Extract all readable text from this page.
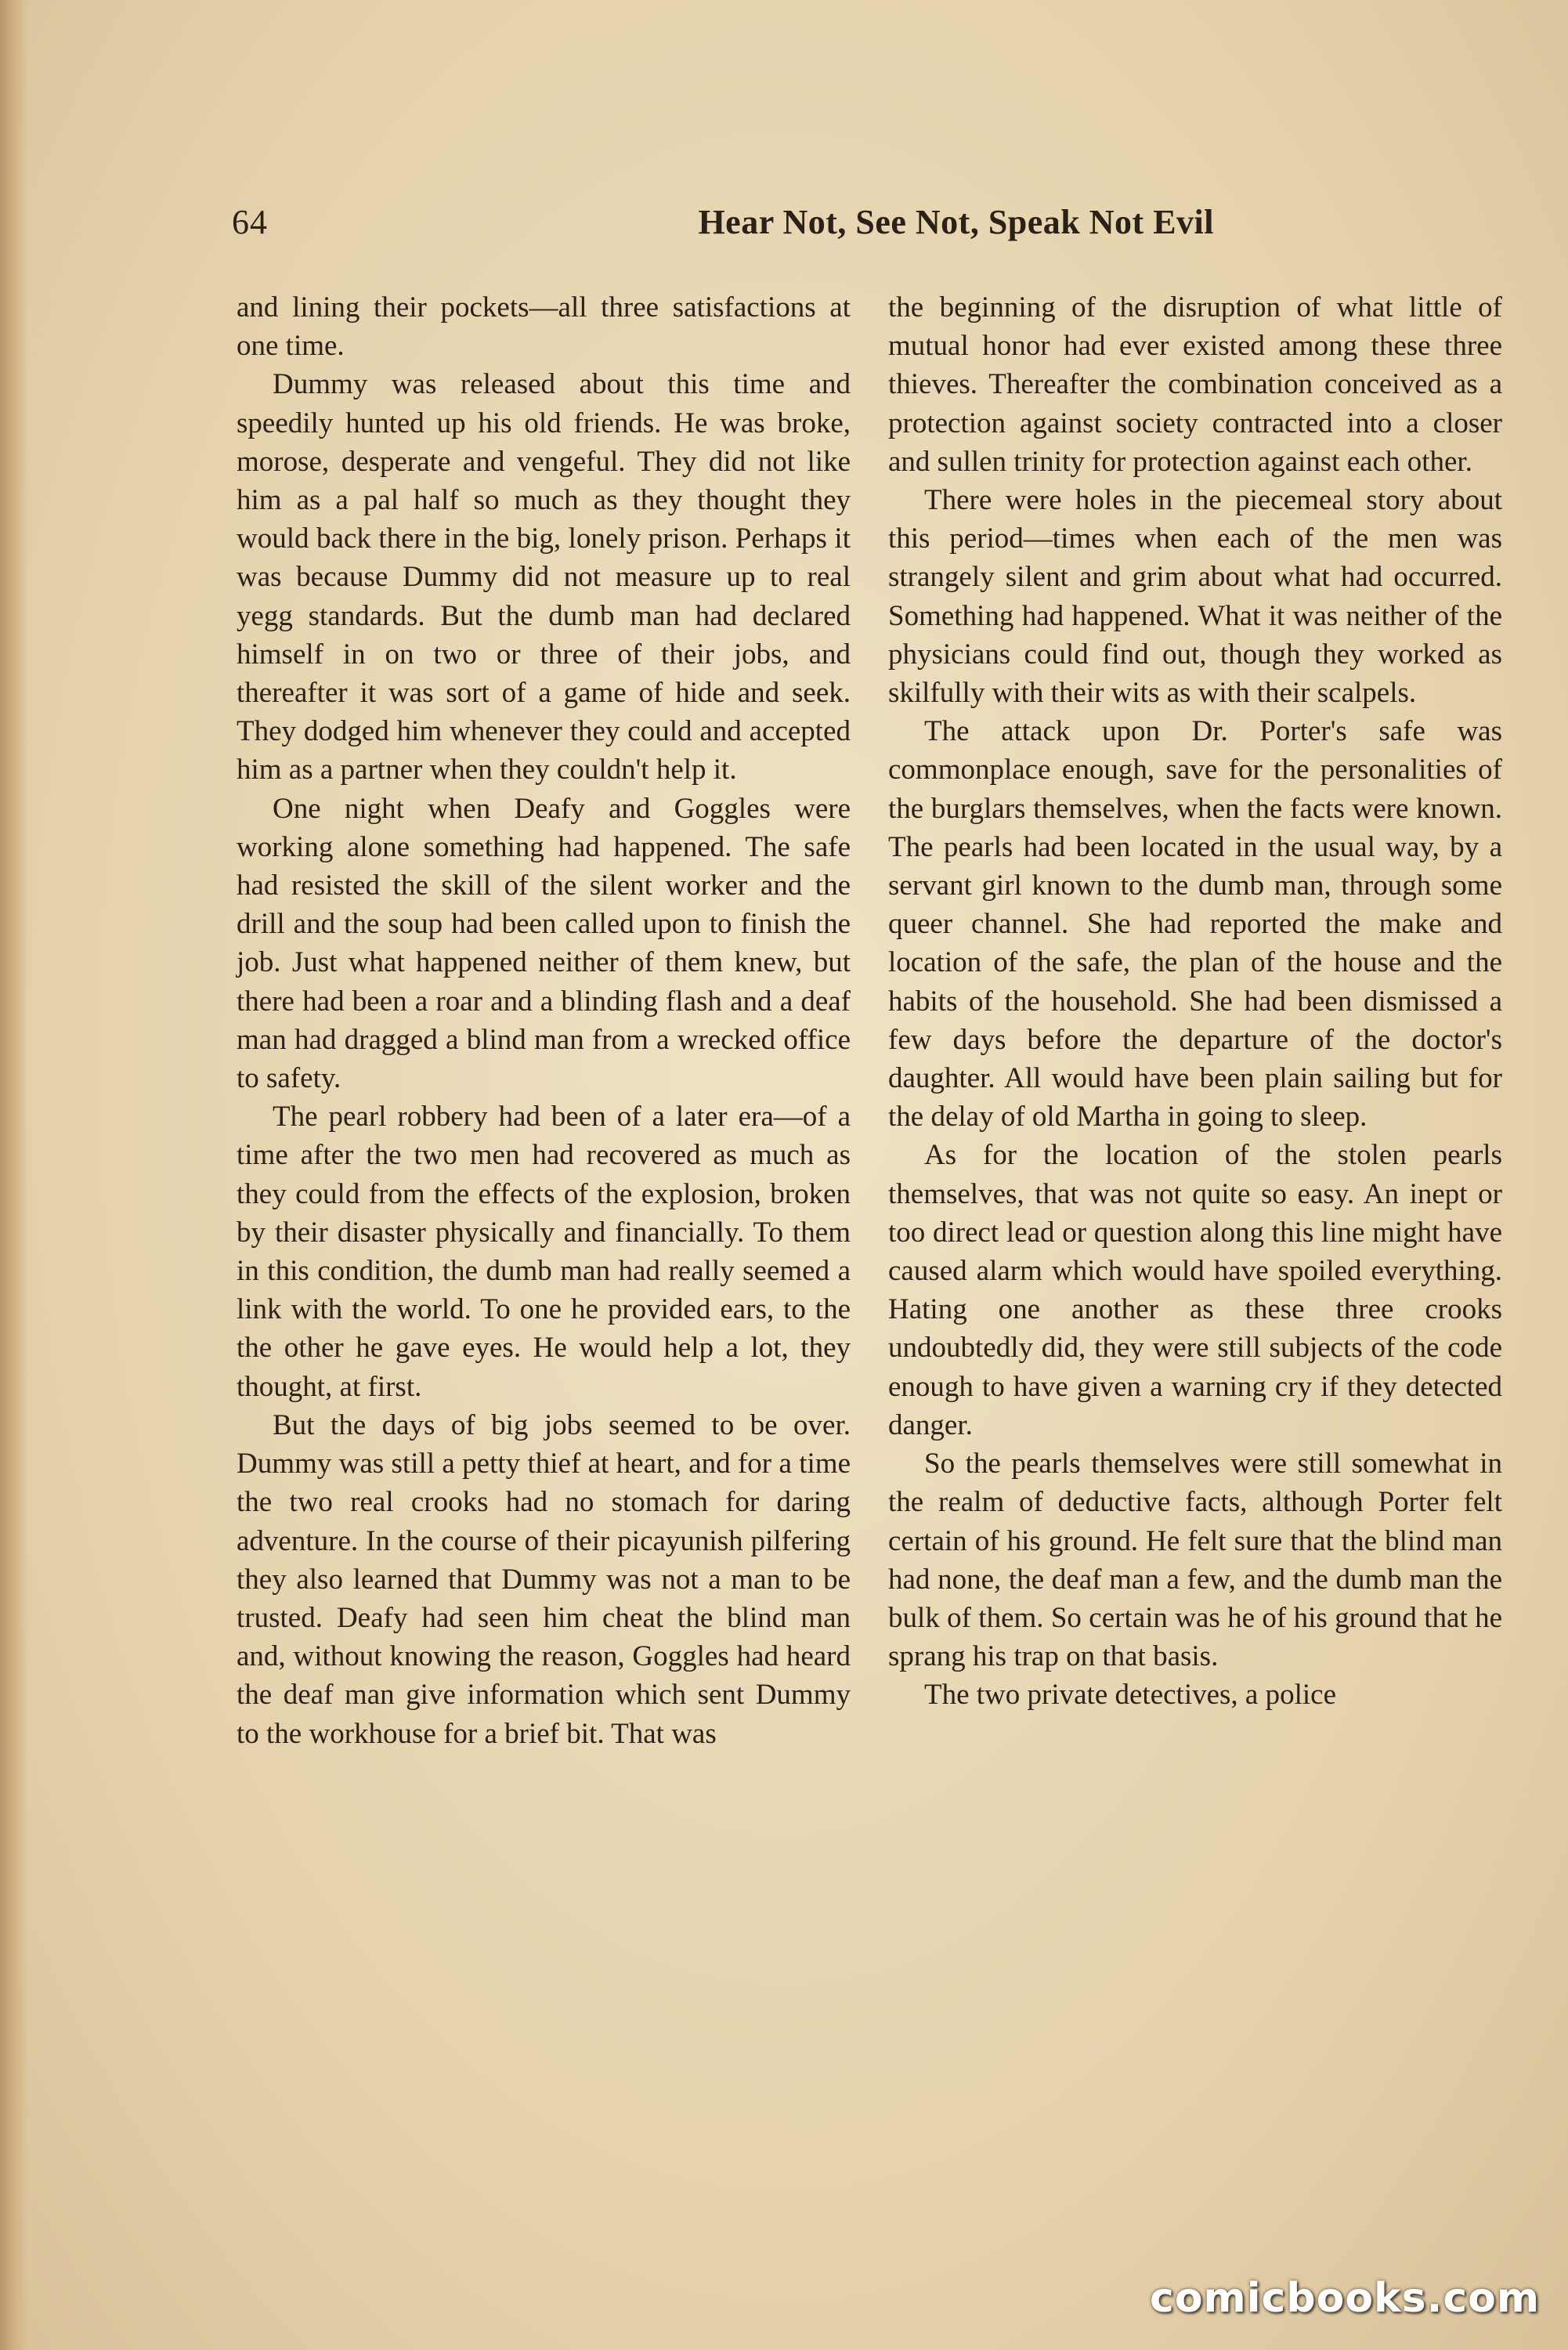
64	Hear Not, See Not, Speak Not Evil

and lining their pockets—all three satisfactions at one time.

Dummy was released about this time and speedily hunted up his old friends. He was broke, morose, desperate and vengeful. They did not like him as a pal half so much as they thought they would back there in the big, lonely prison. Perhaps it was because Dummy did not measure up to real yegg standards. But the dumb man had declared himself in on two or three of their jobs, and thereafter it was sort of a game of hide and seek. They dodged him whenever they could and accepted him as a partner when they couldn't help it.

One night when Deafy and Goggles were working alone something had happened. The safe had resisted the skill of the silent worker and the drill and the soup had been called upon to finish the job. Just what happened neither of them knew, but there had been a roar and a blinding flash and a deaf man had dragged a blind man from a wrecked office to safety.

The pearl robbery had been of a later era—of a time after the two men had recovered as much as they could from the effects of the explosion, broken by their disaster physically and financially. To them in this condition, the dumb man had really seemed a link with the world. To one he provided ears, to the the other he gave eyes. He would help a lot, they thought, at first.

But the days of big jobs seemed to be over. Dummy was still a petty thief at heart, and for a time the two real crooks had no stomach for daring adventure. In the course of their picayunish pilfering they also learned that Dummy was not a man to be trusted. Deafy had seen him cheat the blind man and, without knowing the reason, Goggles had heard the deaf man give information which sent Dummy to the workhouse for a brief bit. That was

the beginning of the disruption of what little of mutual honor had ever existed among these three thieves. Thereafter the combination conceived as a protection against society contracted into a closer and sullen trinity for protection against each other.

There were holes in the piecemeal story about this period—times when each of the men was strangely silent and grim about what had occurred. Something had happened. What it was neither of the physicians could find out, though they worked as skilfully with their wits as with their scalpels.

The attack upon Dr. Porter's safe was commonplace enough, save for the personalities of the burglars themselves, when the facts were known. The pearls had been located in the usual way, by a servant girl known to the dumb man, through some queer channel. She had reported the make and location of the safe, the plan of the house and the habits of the household. She had been dismissed a few days before the departure of the doctor's daughter. All would have been plain sailing but for the delay of old Martha in going to sleep.

As for the location of the stolen pearls themselves, that was not quite so easy. An inept or too direct lead or question along this line might have caused alarm which would have spoiled everything. Hating one another as these three crooks undoubtedly did, they were still subjects of the code enough to have given a warning cry if they detected danger.

So the pearls themselves were still somewhat in the realm of deductive facts, although Porter felt certain of his ground. He felt sure that the blind man had none, the deaf man a few, and the dumb man the bulk of them. So certain was he of his ground that he sprang his trap on that basis.

The two private detectives, a police

comicbooks.com
